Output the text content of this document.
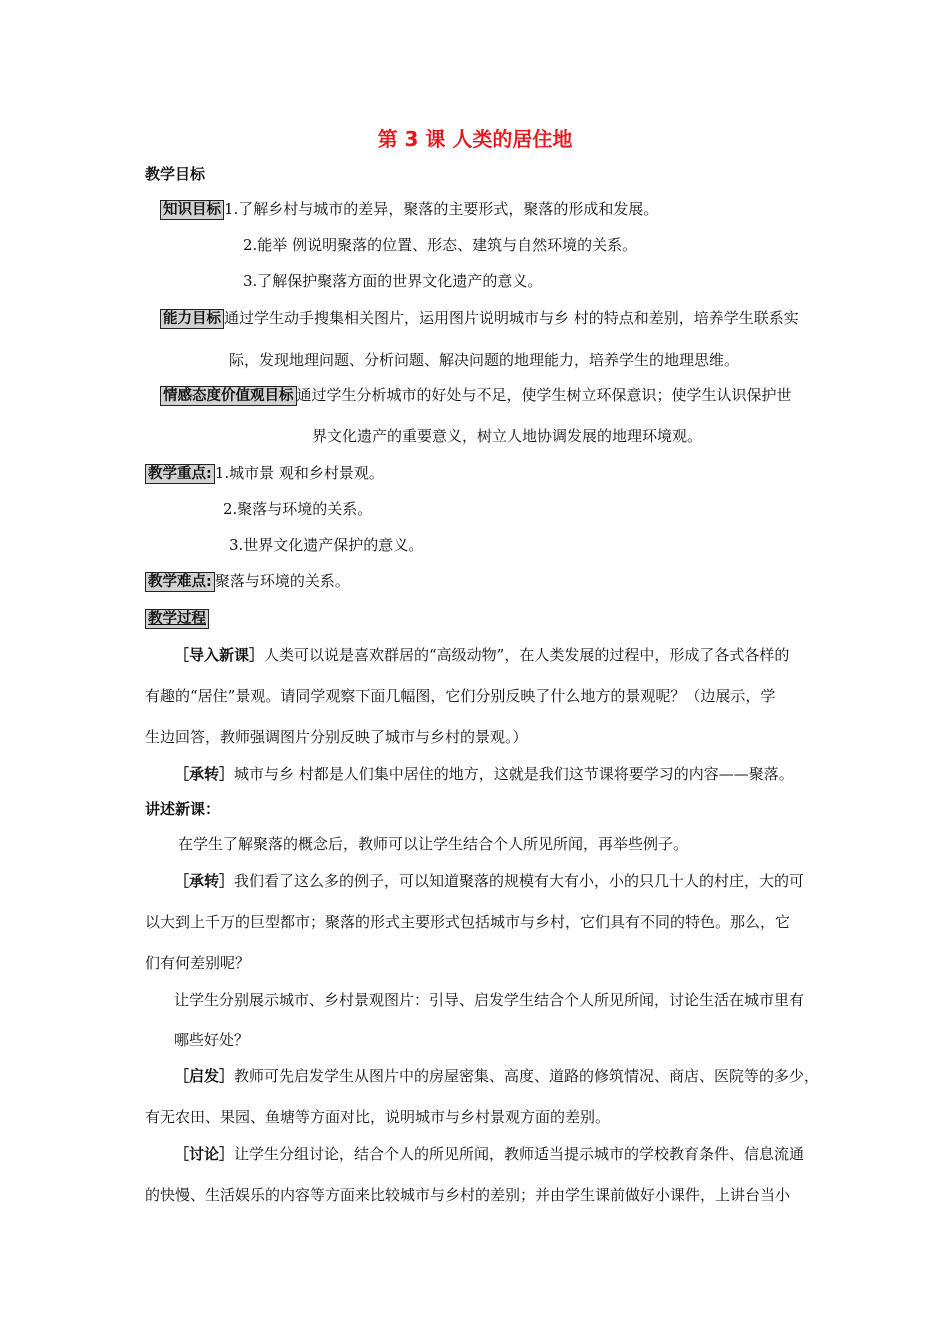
第 3 课 人类的居住地
教学目标
知识目标 1.了解乡村与城市的差异，聚落的主要形式，聚落的形成和发展。
2.能举 例说明聚落的位置、形态、建筑与自然环境的关系。
3.了解保护聚落方面的世界文化遗产的意义。
能力目标 通过学生动手搜集相关图片，运用图片说明城市与乡 村的特点和差别，培养学生联系实
际，发现地理问题、分析问题、解决问题的地理能力，培养学生的地理思维。
情感态度价值观目标 通过学生分析城市的好处与不足，使学生树立环保意识；使学生认识保护世
界文化遗产的重要意义，树立人地协调发展的地理环境观。
教学重点: 1.城市景 观和乡村景观。
2.聚落与环境的关系。
3.世界文化遗产保护的意义。
教学难点: 聚落与环境的关系。
教学过程
［导入新课］人类可以说是喜欢群居的“高级动物”，在人类发展的过程中，形成了各式各样的
有趣的“居住”景观。请同学观察下面几幅图，它们分别反映了什么地方的景观呢？（边展示，学
生边回答，教师强调图片分别反映了城市与乡村的景观。）
［承转］城市与乡 村都是人们集中居住的地方，这就是我们这节课将要学习的内容——聚落。
讲述新课：
在学生了解聚落的概念后，教师可以让学生结合个人所见所闻，再举些例子。
［承转］我们看了这么多的例子，可以知道聚落的规模有大有小，小的只几十人的村庄，大的可
以大到上千万的巨型都市；聚落的形式主要形式包括城市与乡村，它们具有不同的特色。那么，它
们有何差别呢？
让学生分别展示城市、乡村景观图片：引导、启发学生结合个人所见所闻，讨论生活在城市里有
哪些好处？
［启发］教师可先启发学生从图片中的房屋密集、高度、道路的修筑情况、商店、医院等的多少，
有无农田、果园、鱼塘等方面对比，说明城市与乡村景观方面的差别。
［讨论］让学生分组讨论，结合个人的所见所闻，教师适当提示城市的学校教育条件、信息流通
的快慢、生活娱乐的内容等方面来比较城市与乡村的差别；并由学生课前做好小课件，上讲台当小
